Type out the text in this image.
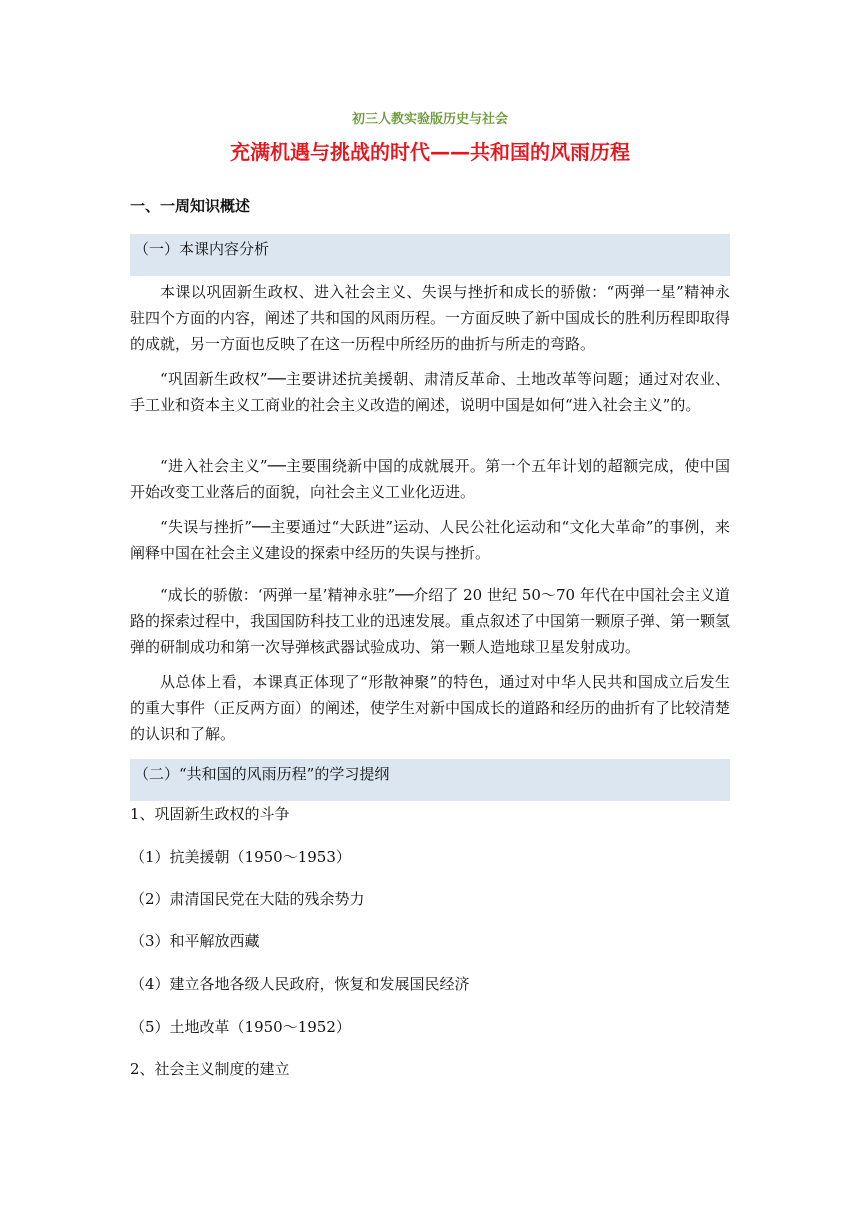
初三人教实验版历史与社会
充满机遇与挑战的时代——共和国的风雨历程
一、一周知识概述
（一）本课内容分析

本课以巩固新生政权、进入社会主义、失误与挫折和成长的骄傲：“两弹一星”精神永驻四个方面的内容，阐述了共和国的风雨历程。一方面反映了新中国成长的胜利历程即取得的成就，另一方面也反映了在这一历程中所经历的曲折与所走的弯路。

“巩固新生政权”──主要讲述抗美援朝、肃清反革命、土地改革等问题；通过对农业、手工业和资本主义工商业的社会主义改造的阐述，说明中国是如何“进入社会主义”的。

“进入社会主义”──主要围绕新中国的成就展开。第一个五年计划的超额完成，使中国开始改变工业落后的面貌，向社会主义工业化迈进。

“失误与挫折”──主要通过“大跃进”运动、人民公社化运动和“文化大革命”的事例，来阐释中国在社会主义建设的探索中经历的失误与挫折。

“成长的骄傲：‘两弹一星’精神永驻”──介绍了 20 世纪 50～70 年代在中国社会主义道路的探索过程中，我国国防科技工业的迅速发展。重点叙述了中国第一颗原子弹、第一颗氢弹的研制成功和第一次导弹核武器试验成功、第一颗人造地球卫星发射成功。

从总体上看，本课真正体现了“形散神聚”的特色，通过对中华人民共和国成立后发生的重大事件（正反两方面）的阐述，使学生对新中国成长的道路和经历的曲折有了比较清楚的认识和了解。

（二）“共和国的风雨历程”的学习提纲
1、巩固新生政权的斗争
（1）抗美援朝（1950～1953）
（2）肃清国民党在大陆的残余势力
（3）和平解放西藏
（4）建立各地各级人民政府，恢复和发展国民经济
（5）土地改革（1950～1952）
2、社会主义制度的建立
